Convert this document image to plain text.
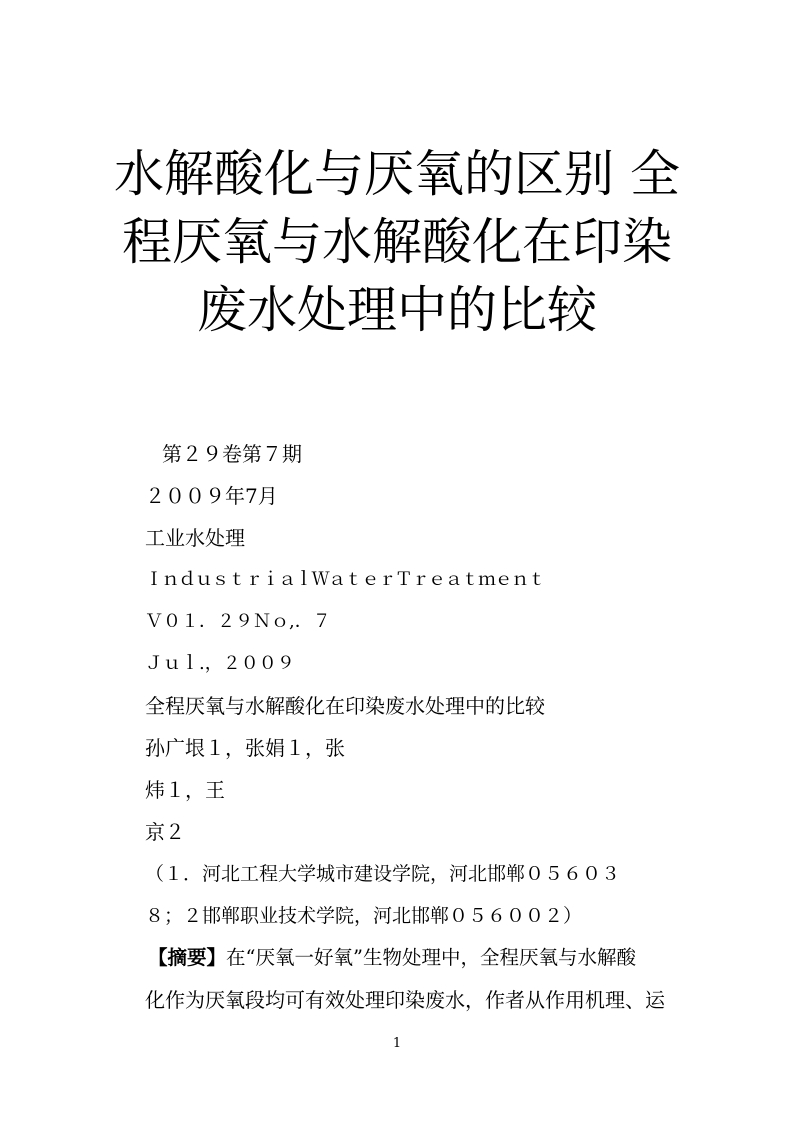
水解酸化与厌氧的区别 全
程厌氧与水解酸化在印染
废水处理中的比较
第２９卷第７期
２００９年7月
工业水处理
ＩｎｄｕｓｔｒｉａｌＷａｔｅｒＴｒｅａｔｍｅｎｔ
Ｖ０１．２９Ｎｏ,．７
Ｊｕｌ.，２００９
全程厌氧与水解酸化在印染废水处理中的比较
孙广垠１，张娟１，张
炜１，王
京２
（１．河北工程大学城市建设学院，河北邯郸０５６０３
８；２邯郸职业技术学院，河北邯郸０５６００２）
【摘要】在“厌氧一好氧”生物处理中，全程厌氧与水解酸
化作为厌氧段均可有效处理印染废水，作者从作用机理、运
1
